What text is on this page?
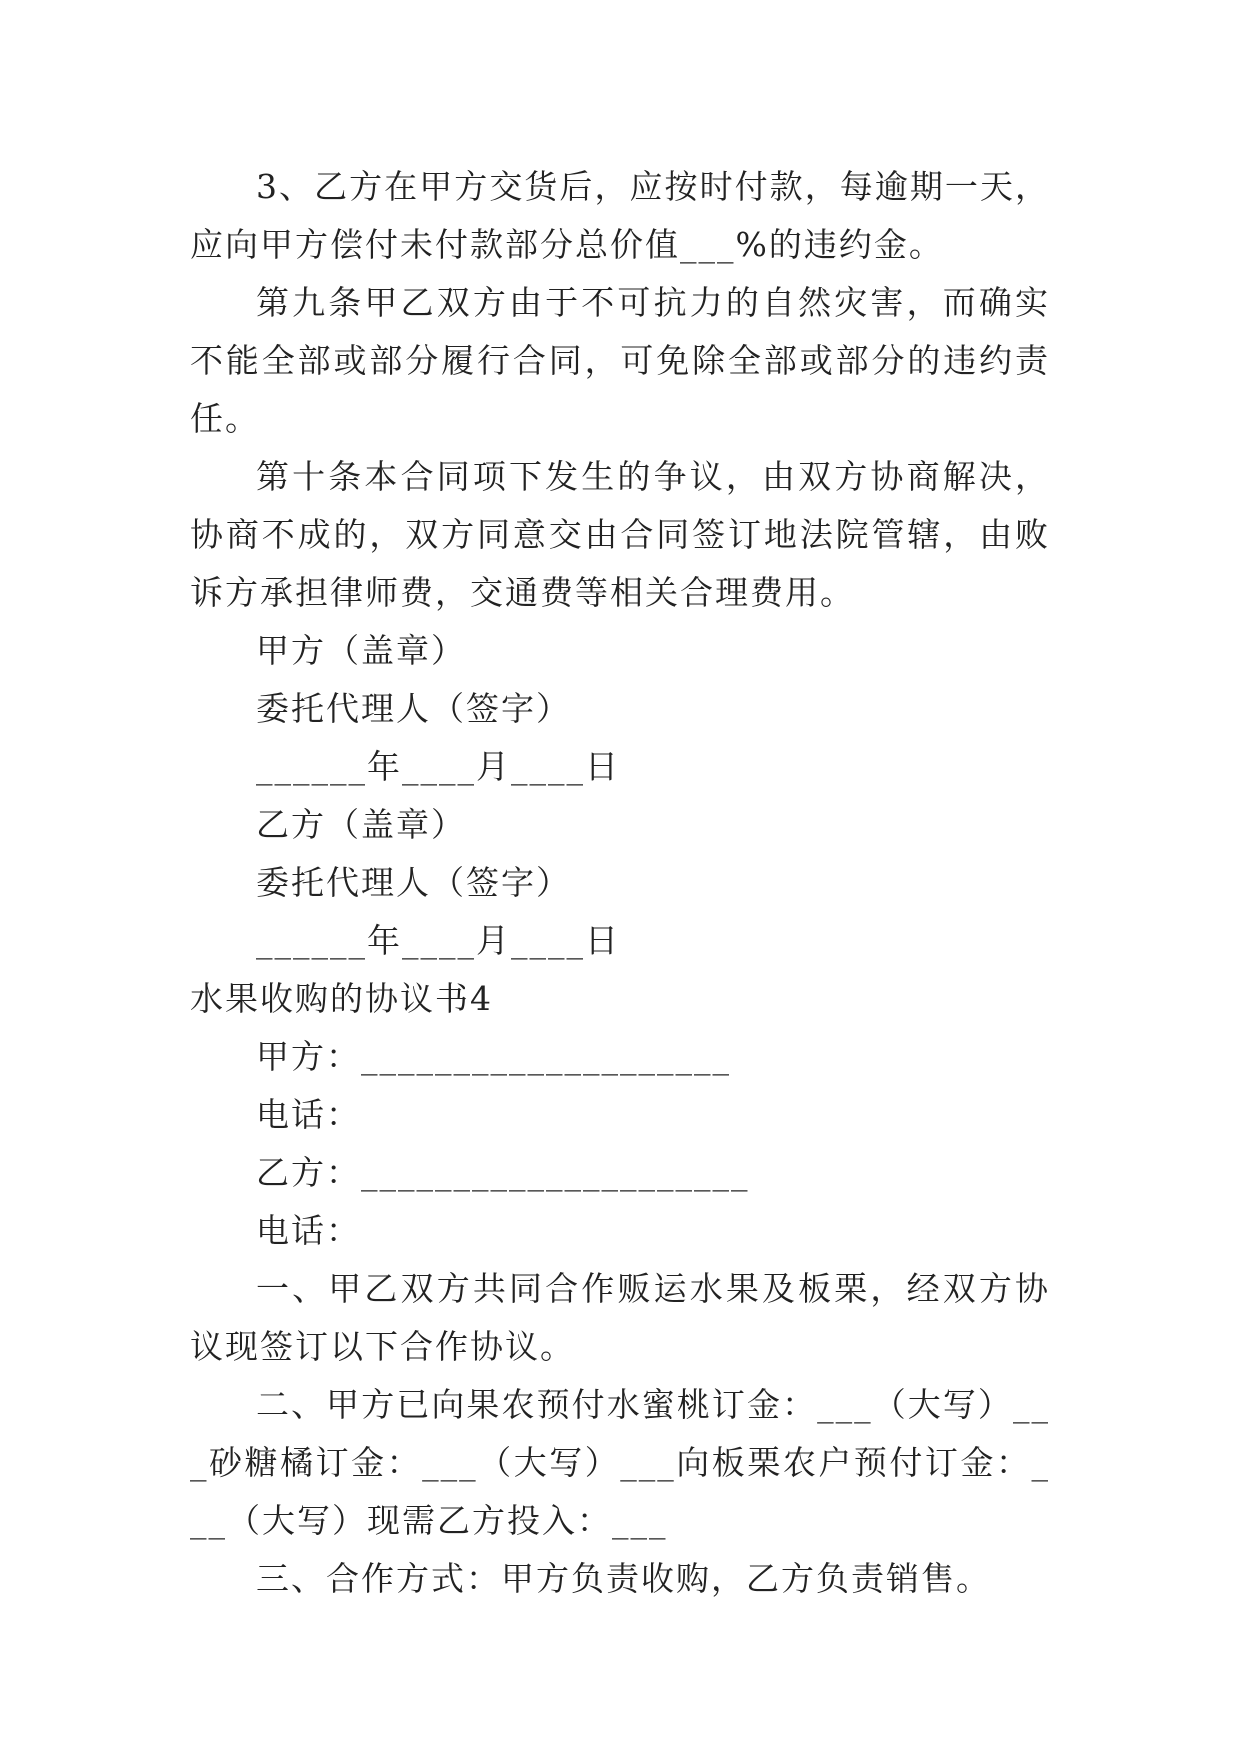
3、乙方在甲方交货后，应按时付款，每逾期一天，应向甲方偿付未付款部分总价值___%的违约金。

第九条甲乙双方由于不可抗力的自然灾害，而确实不能全部或部分履行合同，可免除全部或部分的违约责任。

第十条本合同项下发生的争议，由双方协商解决，协商不成的，双方同意交由合同签订地法院管辖，由败诉方承担律师费，交通费等相关合理费用。

甲方（盖章）

委托代理人（签字）

______年____月____日

乙方（盖章）

委托代理人（签字）

______年____月____日

水果收购的协议书4

甲方：____________________

电话：

乙方：_____________________

电话：

一、甲乙双方共同合作贩运水果及板栗，经双方协议现签订以下合作协议。

二、甲方已向果农预付水蜜桃订金：___（大写）___砂糖橘订金：___（大写）___向板栗农户预付订金：___（大写）现需乙方投入：___

三、合作方式：甲方负责收购，乙方负责销售。
